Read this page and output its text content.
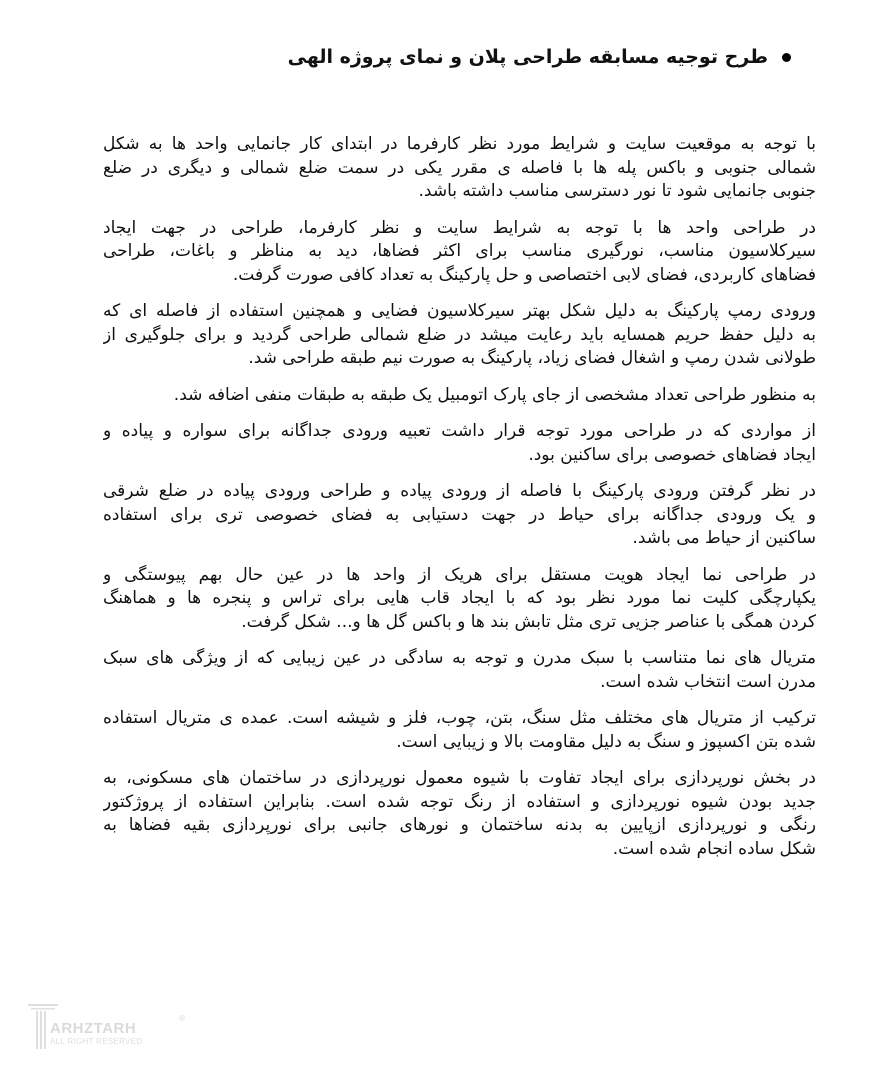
طرح توجیه مسابقه طراحی پلان و نمای پروژه الهی
با توجه به موقعیت سایت و شرایط مورد نظر کارفرما در ابتدای کار جانمایی واحد ها به شکل
شمالی جنوبی و باکس پله ها با فاصله ی مقرر یکی در سمت ضلع شمالی و دیگری در ضلع
جنوبی جانمایی شود تا نور دسترسی مناسب داشته باشد.
در طراحی واحد ها با توجه به شرایط سایت و نظر کارفرما، طراحی در جهت ایجاد
سیرکلاسیون مناسب، نورگیری مناسب برای اکثر فضاها، دید به مناظر و باغات، طراحی
فضاهای کاربردی، فضای لابی اختصاصی و حل پارکینگ به تعداد کافی صورت گرفت.
ورودی رمپ پارکینگ به دلیل شکل بهتر سیرکلاسیون فضایی و همچنین استفاده از فاصله ای که
به دلیل حفظ حریم همسایه باید رعایت میشد در ضلع شمالی طراحی گردید و برای جلوگیری از
طولانی شدن رمپ و اشغال فضای زیاد، پارکینگ به صورت نیم طبقه طراحی شد.
به منظور طراحی تعداد مشخصی از جای پارک اتومبیل یک طبقه به طبقات منفی اضافه شد.
از مواردی که در طراحی مورد توجه قرار داشت تعبیه ورودی جداگانه برای سواره و پیاده و
ایجاد فضاهای خصوصی برای ساکنین بود.
در نظر گرفتن ورودی پارکینگ با فاصله از ورودی پیاده و طراحی ورودی پیاده در ضلع شرقی
و یک ورودی جداگانه برای حیاط در جهت دستیابی به فضای خصوصی تری برای استفاده
ساکنین از حیاط می باشد.
در طراحی نما ایجاد هویت مستقل برای هریک از واحد ها در عین حال بهم پیوستگی و
یکپارچگی کلیت نما مورد نظر بود که با ایجاد قاب هایی برای تراس و پنجره ها و هماهنگ
کردن همگی با عناصر جزیی تری مثل تابش بند ها و باکس گل ها و... شکل گرفت.
متریال های نما متناسب با سبک مدرن و توجه به سادگی در عین زیبایی که از ویژگی های سبک
مدرن است انتخاب شده است.
ترکیب از متریال های مختلف مثل سنگ، بتن، چوب، فلز و شیشه است. عمده ی متریال استفاده
شده بتن اکسپوز و سنگ به دلیل مقاومت بالا و زیبایی است.
در بخش نورپردازی برای ایجاد تفاوت با شیوه معمول نورپردازی در ساختمان های مسکونی، به
جدید بودن شیوه نورپردازی و استفاده از رنگ توجه شده است. بنابراین استفاده از پروژکتور
رنگی و نورپردازی ازپایین به بدنه ساختمان و نورهای جانبی برای نورپردازی بقیه فضاها به
شکل ساده انجام شده است.
ARHZTARH
®
ALL RIGHT RESERVED
